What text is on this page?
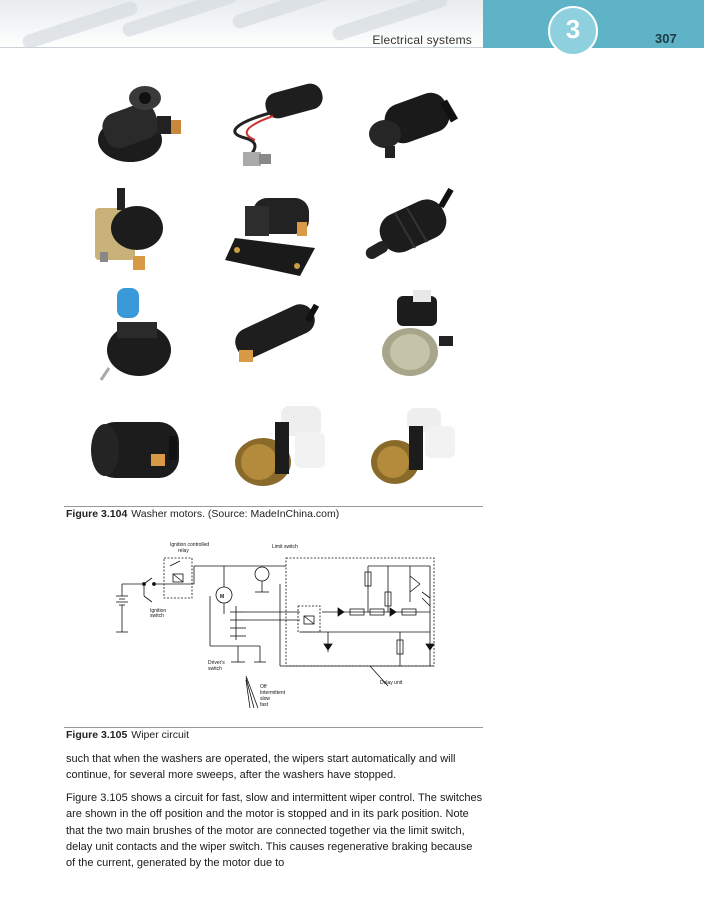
Electrical systems	3	307
Figure 3.104 Washer motors. (Source: MadeInChina.com)
Ignition controlled
relay
Limit switch
Ignition
switch
M
Driver's
switch
Delay unit
Off
Intermittent
slow
fast
Figure 3.105 Wiper circuit

such that when the washers are operated, the wipers start automatically and will continue, for several more sweeps, after the washers have stopped.

Figure 3.105 shows a circuit for fast, slow and intermittent wiper control. The switches are shown in the off position and the motor is stopped and in its park position. Note that the two main brushes of the motor are connected together via the limit switch, delay unit contacts and the wiper switch. This causes regenerative braking because of the current, generated by the motor due to
